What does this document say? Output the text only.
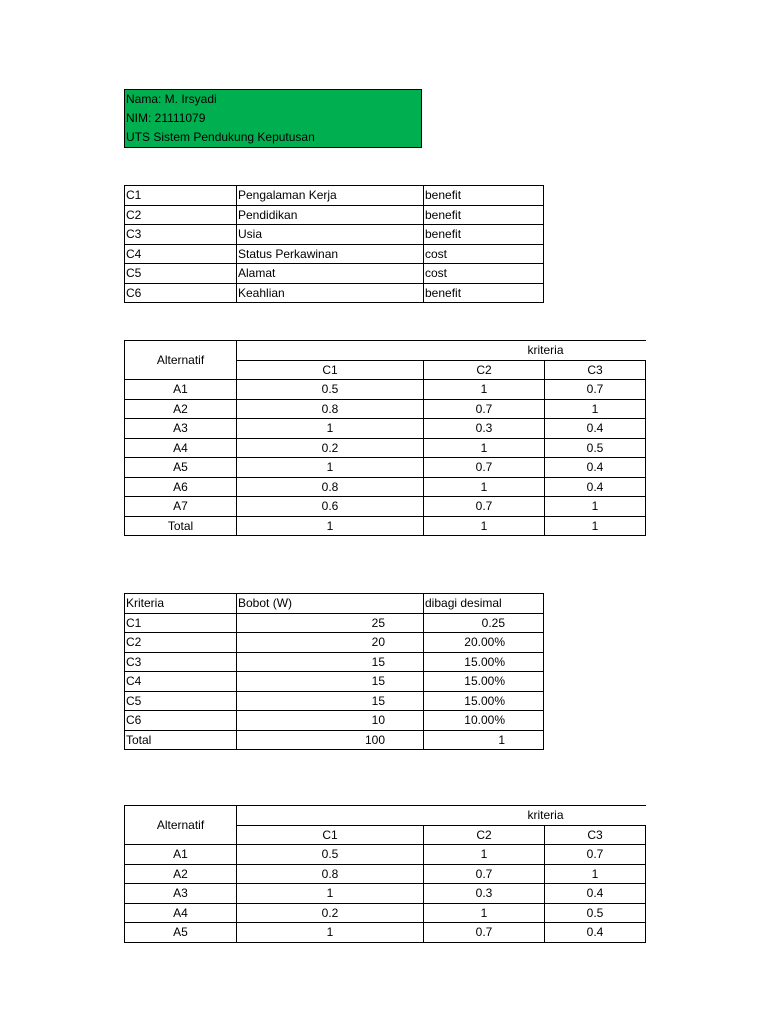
Nama: M. Irsyadi
NIM: 21111079
UTS Sistem Pendukung Keputusan
C1	Pengalaman Kerja	benefit
C2	Pendidikan	benefit
C3	Usia	benefit
C4	Status Perkawinan	cost
C5	Alamat	cost
C6	Keahlian	benefit
Alternatif	kriteria		
	C1	C2	C3
A1	0.5	1	0.7
A2	0.8	0.7	1
A3	1	0.3	0.4
A4	0.2	1	0.5
A5	1	0.7	0.4
A6	0.8	1	0.4
A7	0.6	0.7	1
Total	1	1	1
Kriteria	Bobot (W)	dibagi desimal
C1	25	0.25
C2	20	20.00%
C3	15	15.00%
C4	15	15.00%
C5	15	15.00%
C6	10	10.00%
Total	100	1
Alternatif	kriteria		
	C1	C2	C3
A1	0.5	1	0.7
A2	0.8	0.7	1
A3	1	0.3	0.4
A4	0.2	1	0.5
A5	1	0.7	0.4
